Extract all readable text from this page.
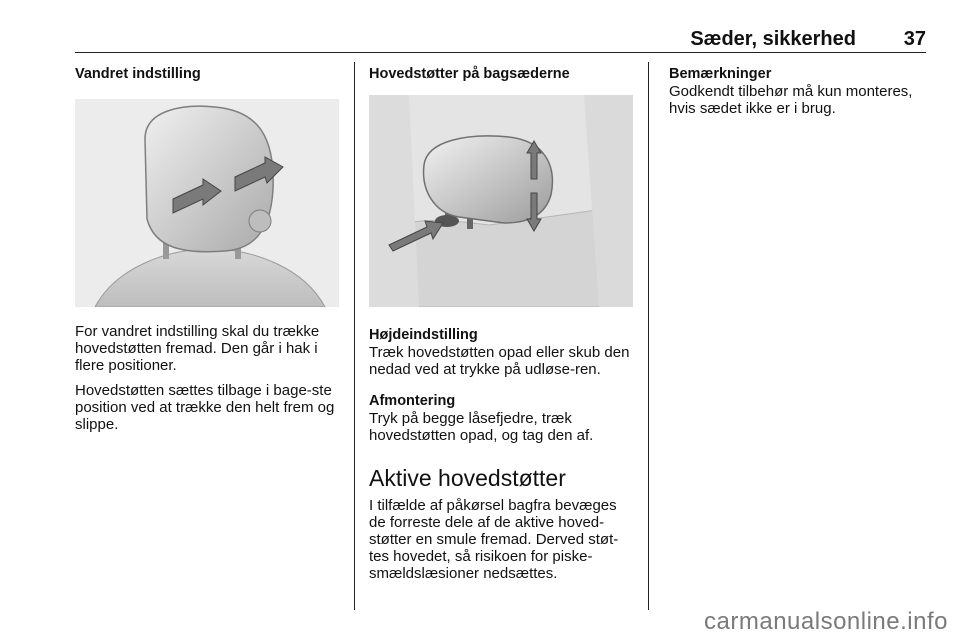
Sæder, sikkerhed 37
Vandret indstilling

For vandret indstilling skal du trække hovedstøtten fremad. Den går i hak i flere positioner.

Hovedstøtten sættes tilbage i bage-ste position ved at trække den helt frem og slippe.

Hovedstøtter på bagsæderne
Højdeindstilling

Træk hovedstøtten opad eller skub den nedad ved at trykke på udløse-ren.

Afmontering

Tryk på begge låsefjedre, træk hovedstøtten opad, og tag den af.

Aktive hovedstøtter

I tilfælde af påkørsel bagfra bevæges de forreste dele af de aktive hoved-støtter en smule fremad. Derved støt-tes hovedet, så risikoen for piske-smældslæsioner nedsættes.

Bemærkninger

Godkendt tilbehør må kun monteres, hvis sædet ikke er i brug.

carmanualsonline.info
